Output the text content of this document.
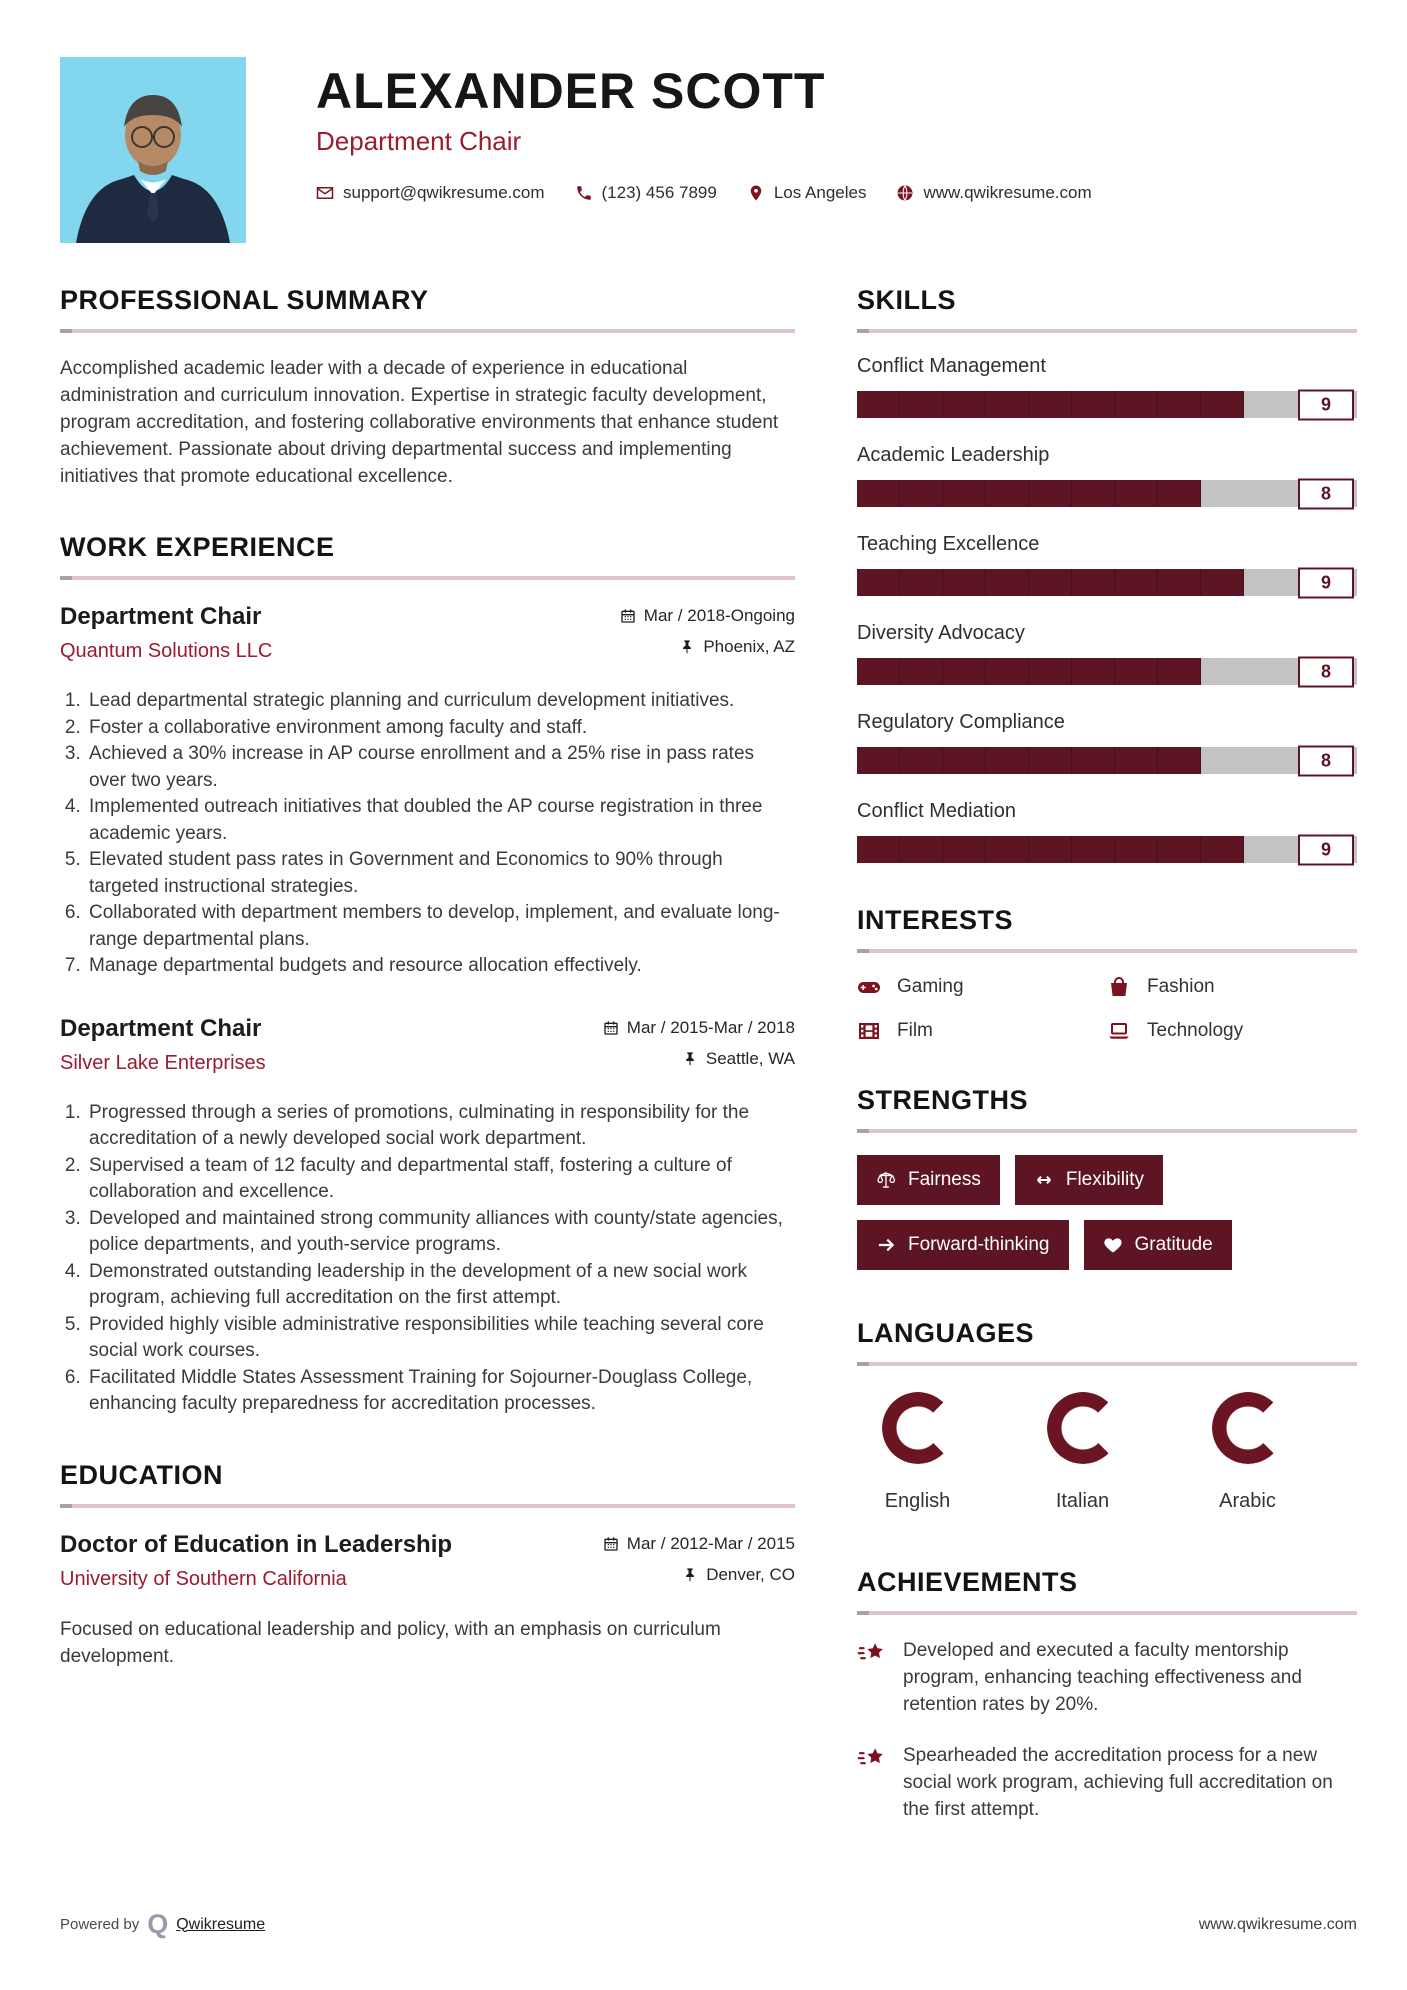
ALEXANDER SCOTT
Department Chair
support@qwikresume.com	(123) 456 7899	Los Angeles	www.qwikresume.com
PROFESSIONAL SUMMARY

Accomplished academic leader with a decade of experience in educational administration and curriculum innovation. Expertise in strategic faculty development, program accreditation, and fostering collaborative environments that enhance student achievement. Passionate about driving departmental success and implementing initiatives that promote educational excellence.

WORK EXPERIENCE
Department Chair
Quantum Solutions LLC
Mar / 2018-Ongoing
Phoenix, AZ
1. Lead departmental strategic planning and curriculum development initiatives.
2. Foster a collaborative environment among faculty and staff.
3. Achieved a 30% increase in AP course enrollment and a 25% rise in pass rates over two years.
4. Implemented outreach initiatives that doubled the AP course registration in three academic years.
5. Elevated student pass rates in Government and Economics to 90% through targeted instructional strategies.
6. Collaborated with department members to develop, implement, and evaluate long-range departmental plans.
7. Manage departmental budgets and resource allocation effectively.
Department Chair
Silver Lake Enterprises
Mar / 2015-Mar / 2018
Seattle, WA
1. Progressed through a series of promotions, culminating in responsibility for the accreditation of a newly developed social work department.
2. Supervised a team of 12 faculty and departmental staff, fostering a culture of collaboration and excellence.
3. Developed and maintained strong community alliances with county/state agencies, police departments, and youth-service programs.
4. Demonstrated outstanding leadership in the development of a new social work program, achieving full accreditation on the first attempt.
5. Provided highly visible administrative responsibilities while teaching several core social work courses.
6. Facilitated Middle States Assessment Training for Sojourner-Douglass College, enhancing faculty preparedness for accreditation processes.
EDUCATION
Doctor of Education in Leadership
University of Southern California
Mar / 2012-Mar / 2015
Denver, CO

Focused on educational leadership and policy, with an emphasis on curriculum development.

SKILLS
Conflict Management
9
Academic Leadership
8
Teaching Excellence
9
Diversity Advocacy
8
Regulatory Compliance
8
Conflict Mediation
9
INTERESTS
Gaming	Fashion
Film	Technology
STRENGTHS
Fairness	Flexibility
Forward-thinking	Gratitude
LANGUAGES
English	Italian	Arabic
ACHIEVEMENTS

Developed and executed a faculty mentorship program, enhancing teaching effectiveness and retention rates by 20%.

Spearheaded the accreditation process for a new social work program, achieving full accreditation on the first attempt.

Powered by Q Qwikresume	www.qwikresume.com
